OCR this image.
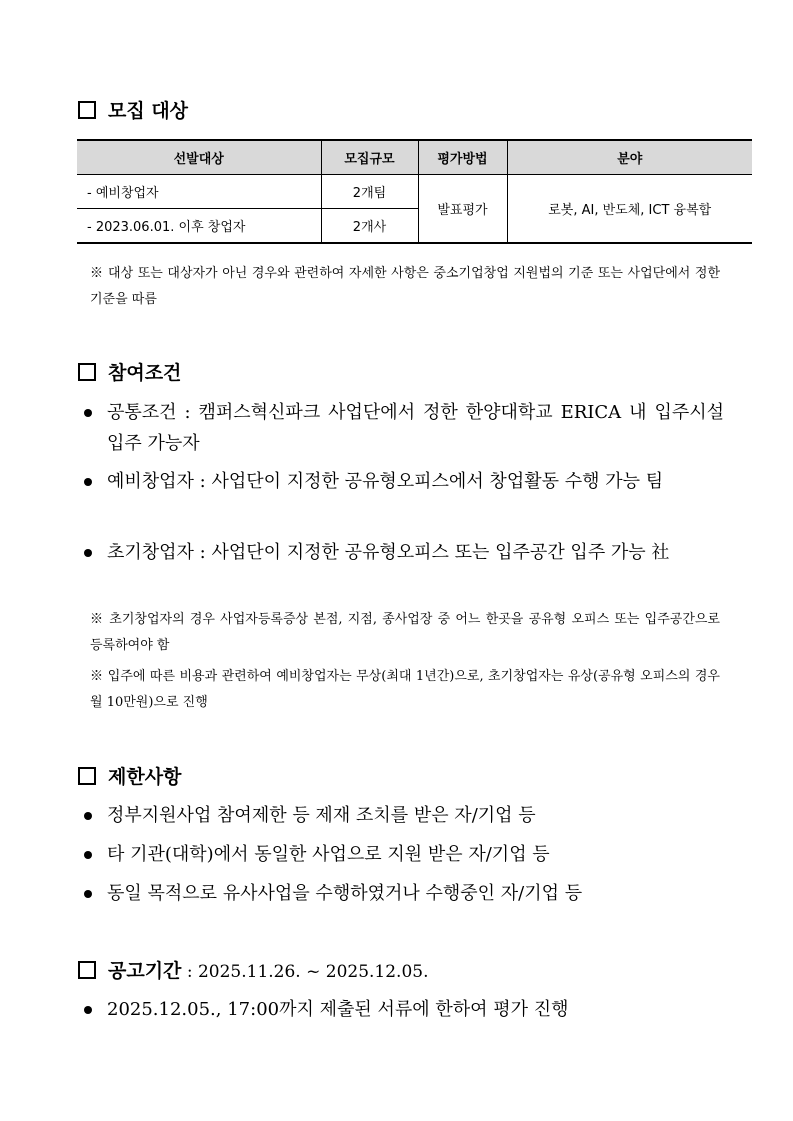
모집 대상
선발대상	모집규모	평가방법	분야
- 예비창업자	2개팀	발표평가	로봇, AI, 반도체, ICT 융복합
- 2023.06.01. 이후 창업자	2개사		
※ 대상 또는 대상자가 아닌 경우와 관련하여 자세한 사항은 중소기업창업 지원법의 기준 또는 사업단에서 정한 기준을 따름
참여조건
공통조건 : 캠퍼스혁신파크 사업단에서 정한 한양대학교 ERICA 내 입주시설 입주 가능자
예비창업자 : 사업단이 지정한 공유형오피스에서 창업활동 수행 가능 팀
초기창업자 : 사업단이 지정한 공유형오피스 또는 입주공간 입주 가능 社
※ 초기창업자의 경우 사업자등록증상 본점, 지점, 종사업장 중 어느 한곳을 공유형 오피스 또는 입주공간으로 등록하여야 함
※ 입주에 따른 비용과 관련하여 예비창업자는 무상(최대 1년간)으로, 초기창업자는 유상(공유형 오피스의 경우 월 10만원)으로 진행
제한사항
정부지원사업 참여제한 등 제재 조치를 받은 자/기업 등
타 기관(대학)에서 동일한 사업으로 지원 받은 자/기업 등
동일 목적으로 유사사업을 수행하였거나 수행중인 자/기업 등
공고기간 : 2025.11.26. ~ 2025.12.05.
2025.12.05., 17:00까지 제출된 서류에 한하여 평가 진행
